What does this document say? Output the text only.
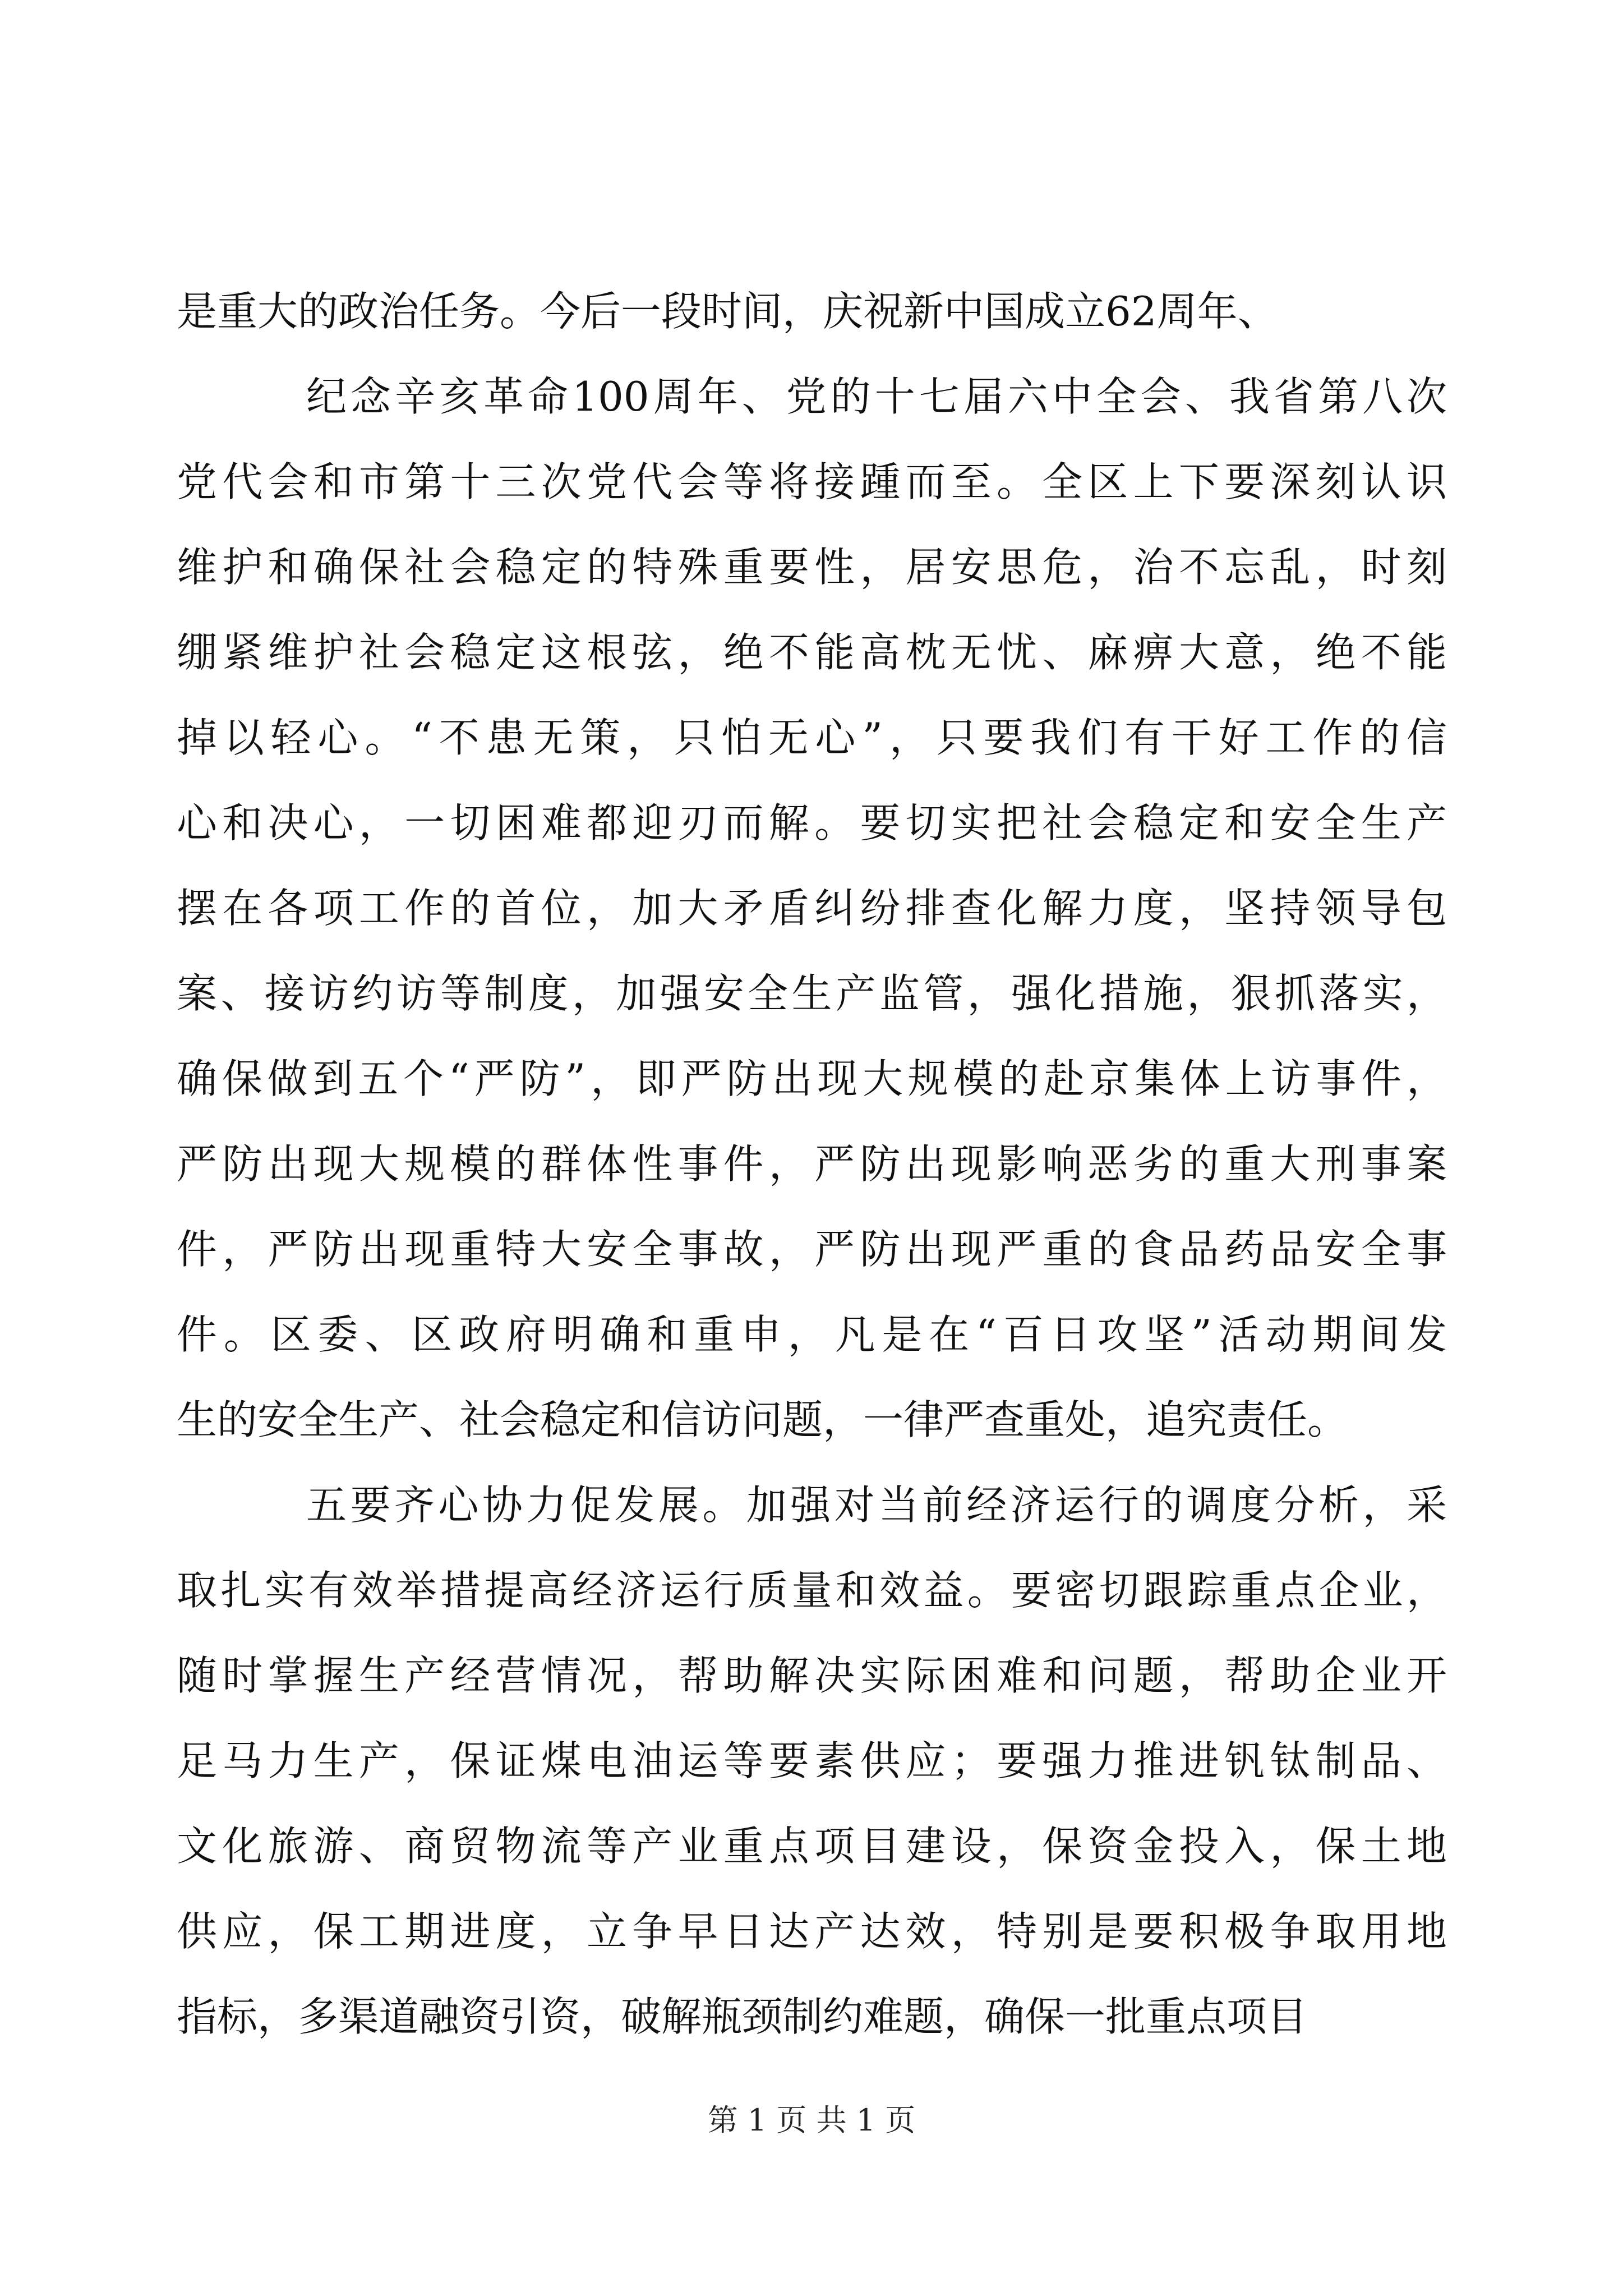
是重大的政治任务。今后一段时间，庆祝新中国成立62周年、

纪念辛亥革命100周年、党的十七届六中全会、我省第八次

党代会和市第十三次党代会等将接踵而至。全区上下要深刻认识

维护和确保社会稳定的特殊重要性，居安思危，治不忘乱，时刻

绷紧维护社会稳定这根弦，绝不能高枕无忧、麻痹大意，绝不能

掉以轻心。“不患无策，只怕无心”，只要我们有干好工作的信

心和决心，一切困难都迎刃而解。要切实把社会稳定和安全生产

摆在各项工作的首位，加大矛盾纠纷排查化解力度，坚持领导包

案、接访约访等制度，加强安全生产监管，强化措施，狠抓落实，

确保做到五个“严防”，即严防出现大规模的赴京集体上访事件，

严防出现大规模的群体性事件，严防出现影响恶劣的重大刑事案

件，严防出现重特大安全事故，严防出现严重的食品药品安全事

件。区委、区政府明确和重申，凡是在“百日攻坚”活动期间发

生的安全生产、社会稳定和信访问题，一律严查重处，追究责任。

五要齐心协力促发展。加强对当前经济运行的调度分析，采

取扎实有效举措提高经济运行质量和效益。要密切跟踪重点企业，

随时掌握生产经营情况，帮助解决实际困难和问题，帮助企业开

足马力生产，保证煤电油运等要素供应；要强力推进钒钛制品、

文化旅游、商贸物流等产业重点项目建设，保资金投入，保土地

供应，保工期进度，立争早日达产达效，特别是要积极争取用地

指标，多渠道融资引资，破解瓶颈制约难题，确保一批重点项目

第 1 页 共 1 页
